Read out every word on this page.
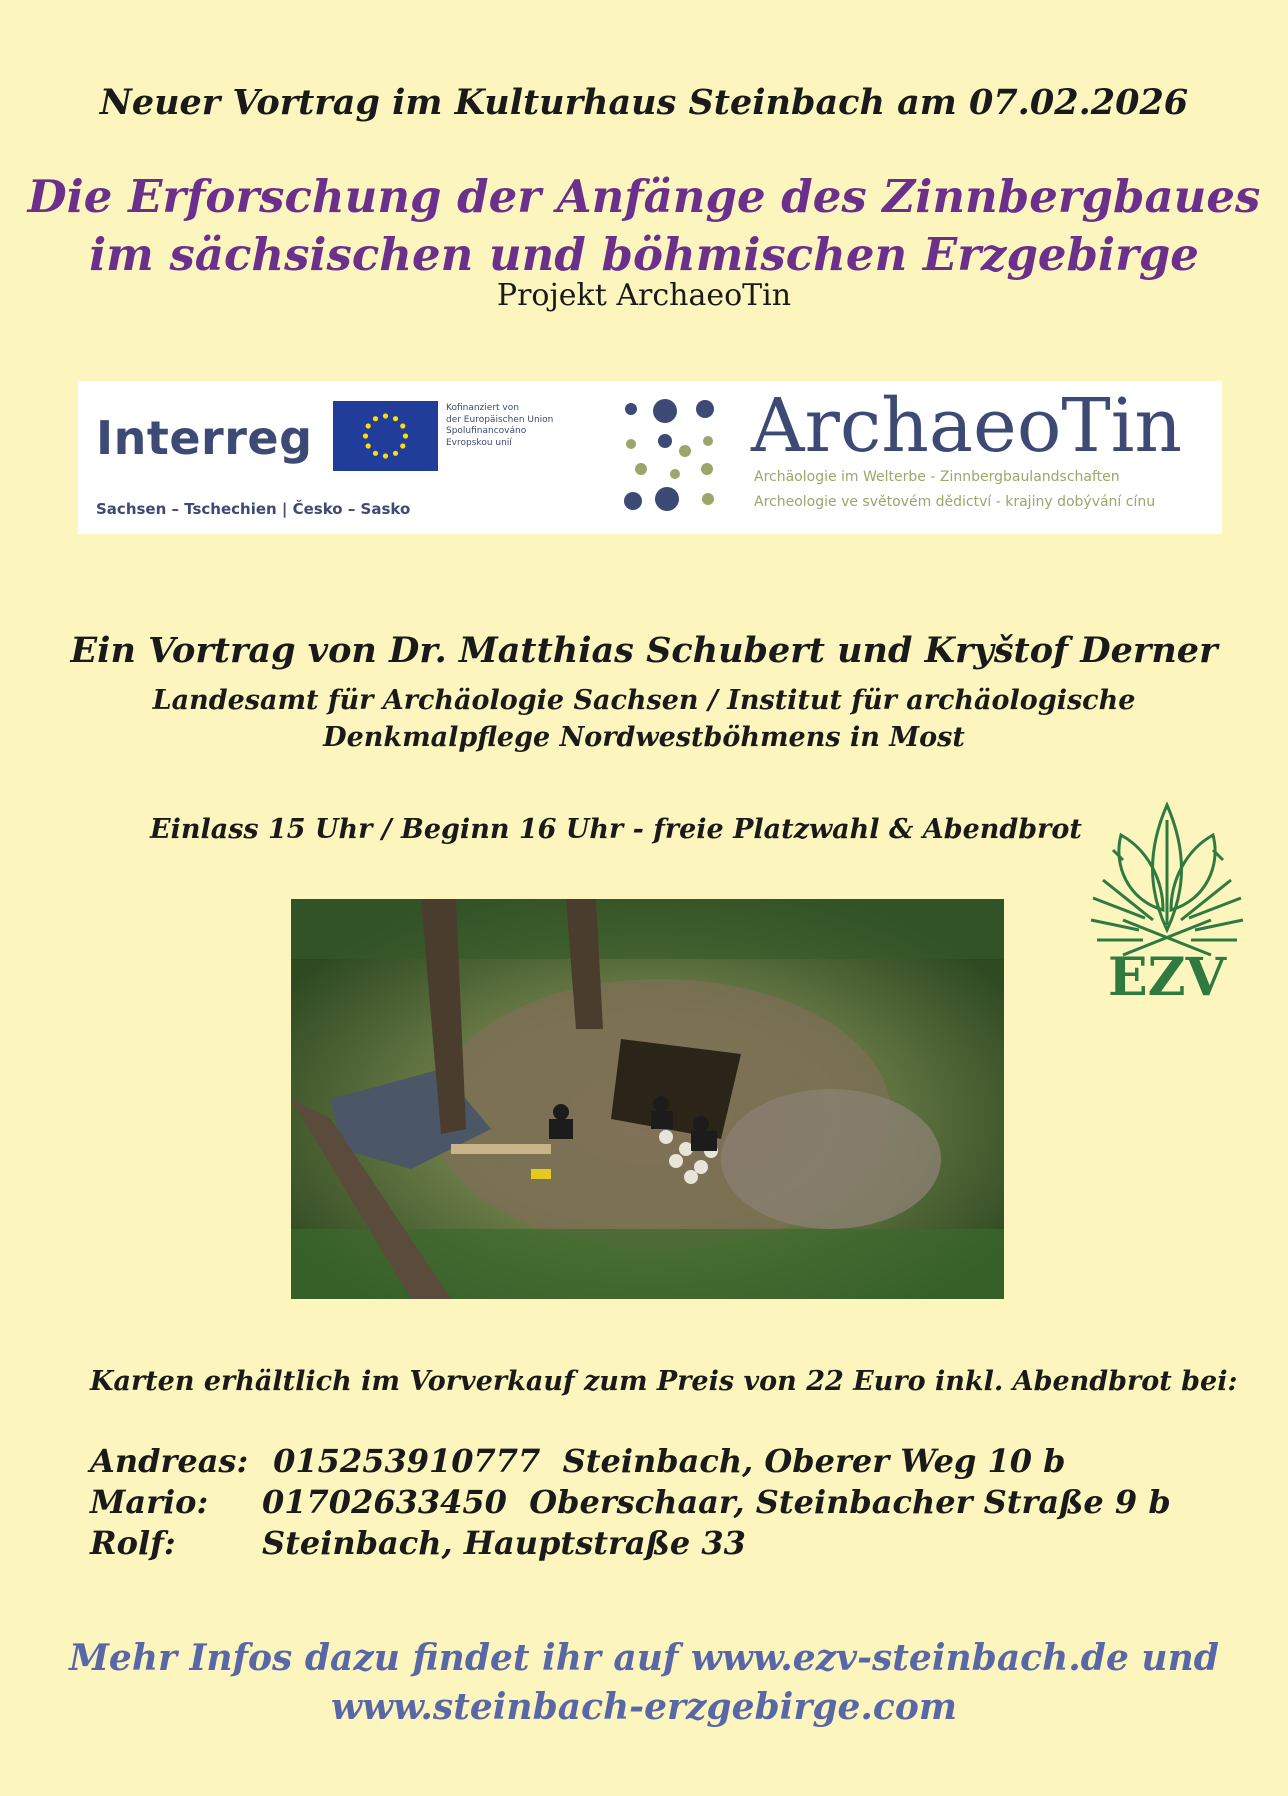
Neuer Vortrag im Kulturhaus Steinbach am 07.02.2026
Die Erforschung der Anfänge des Zinnbergbaues
im sächsischen und böhmischen Erzgebirge
Projekt ArchaeoTin
Interreg
Sachsen – Tschechien | Česko – Sasko
Kofinanziert von
der Europäischen Union
Spolufinancováno
Evropskou unií	ArchaeoTin
Archäologie im Welterbe - Zinnbergbaulandschaften
Archeologie ve světovém dědictví - krajiny dobývání cínu
Ein Vortrag von Dr. Matthias Schubert und Kryštof Derner
Landesamt für Archäologie Sachsen / Institut für archäologische
Denkmalpflege Nordwestböhmens in Most
Einlass 15 Uhr / Beginn 16 Uhr - freie Platzwahl & Abendbrot
EZV
Karten erhältlich im Vorverkauf zum Preis von 22 Euro inkl. Abendbrot bei:
Andreas: 015253910777  Steinbach, Oberer Weg 10 b
Mario: 01702633450  Oberschaar, Steinbacher Straße 9 b
Rolf:	Steinbach, Hauptstraße 33
Mehr Infos dazu findet ihr auf www.ezv-steinbach.de und
www.steinbach-erzgebirge.com
